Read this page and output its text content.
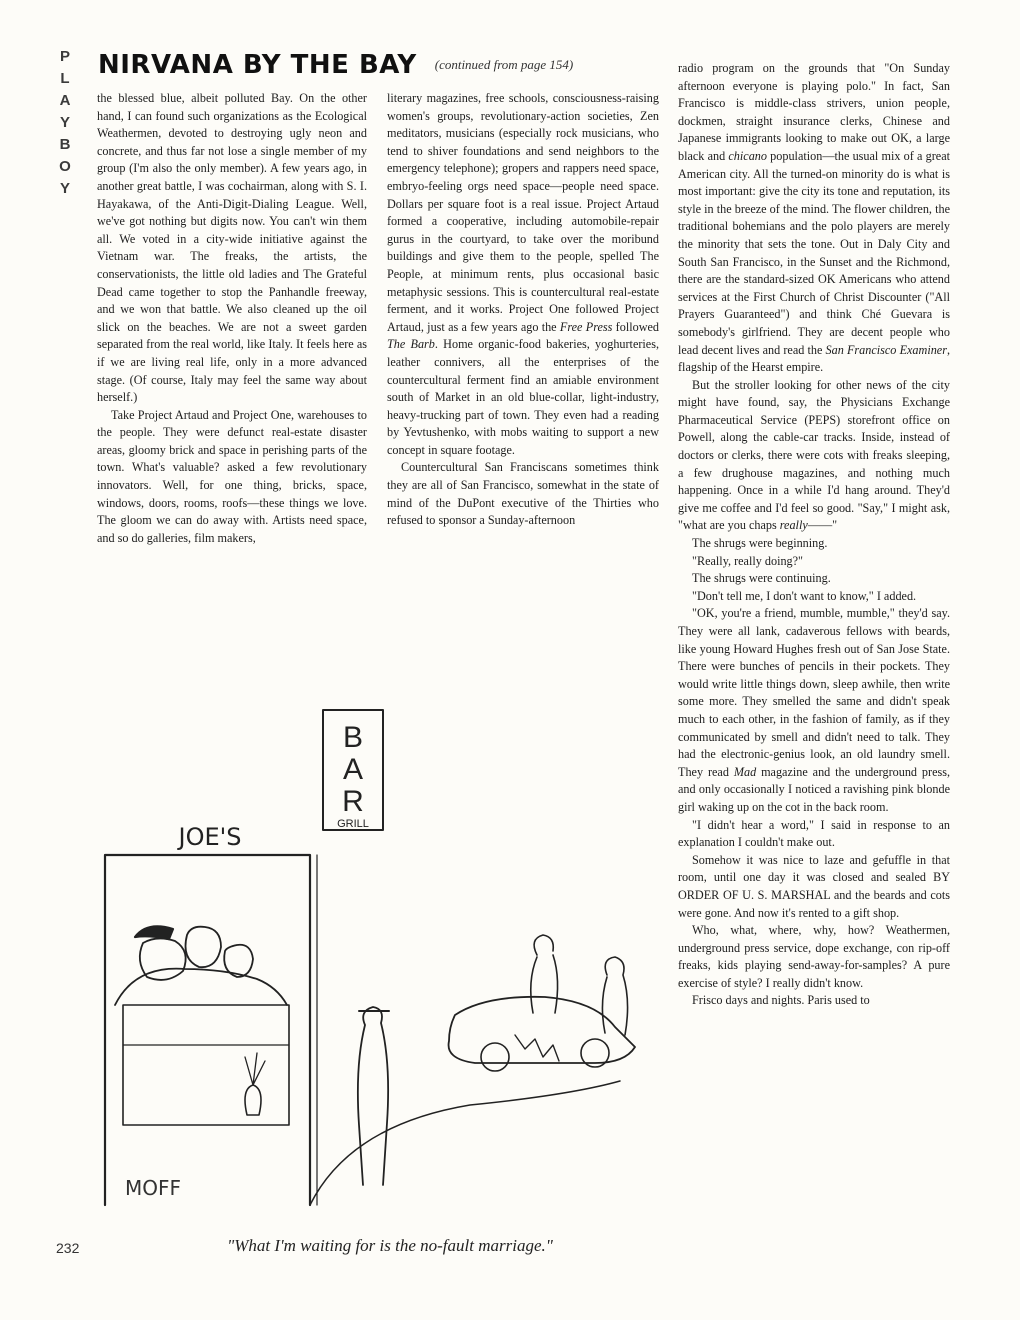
P
L
A
Y
B
O
Y
NIRVANA BY THE BAY (continued from page 154)

the blessed blue, albeit polluted Bay. On the other hand, I can found such organizations as the Ecological Weathermen, devoted to destroying ugly neon and concrete, and thus far not lose a single member of my group (I'm also the only member). A few years ago, in another great battle, I was cochairman, along with S. I. Hayakawa, of the Anti-Digit-Dialing League. Well, we've got nothing but digits now. You can't win them all. We voted in a city-wide initiative against the Vietnam war. The freaks, the artists, the conservationists, the little old ladies and The Grateful Dead came together to stop the Panhandle freeway, and we won that battle. We also cleaned up the oil slick on the beaches. We are not a sweet garden separated from the real world, like Italy. It feels here as if we are living real life, only in a more advanced stage. (Of course, Italy may feel the same way about herself.)

Take Project Artaud and Project One, warehouses to the people. They were defunct real-estate disaster areas, gloomy brick and space in perishing parts of the town. What's valuable? asked a few revolutionary innovators. Well, for one thing, bricks, space, windows, doors, rooms, roofs—these things we love. The gloom we can do away with. Artists need space, and so do galleries, film makers,

literary magazines, free schools, consciousness-raising women's groups, revolutionary-action societies, Zen meditators, musicians (especially rock musicians, who tend to shiver foundations and send neighbors to the emergency telephone); gropers and rappers need space, embryo-feeling orgs need space—people need space. Dollars per square foot is a real issue. Project Artaud formed a cooperative, including automobile-repair gurus in the courtyard, to take over the moribund buildings and give them to the people, spelled The People, at minimum rents, plus occasional basic metaphysic sessions. This is countercultural real-estate ferment, and it works. Project One followed Project Artaud, just as a few years ago the Free Press followed The Barb. Home organic-food bakeries, yoghurteries, leather connivers, all the enterprises of the countercultural ferment find an amiable environment south of Market in an old blue-collar, light-industry, heavy-trucking part of town. They even had a reading by Yevtushenko, with mobs waiting to support a new concept in square footage.

Countercultural San Franciscans sometimes think they are all of San Francisco, somewhat in the state of mind of the DuPont executive of the Thirties who refused to sponsor a Sunday-afternoon

radio program on the grounds that "On Sunday afternoon everyone is playing polo." In fact, San Francisco is middle-class strivers, union people, dockmen, straight insurance clerks, Chinese and Japanese immigrants looking to make out OK, a large black and chicano population—the usual mix of a great American city. All the turned-on minority do is what is most important: give the city its tone and reputation, its style in the breeze of the mind. The flower children, the traditional bohemians and the polo players are merely the minority that sets the tone. Out in Daly City and South San Francisco, in the Sunset and the Richmond, there are the standard-sized OK Americans who attend services at the First Church of Christ Discounter ("All Prayers Guaranteed") and think Ché Guevara is somebody's girlfriend. They are decent people who lead decent lives and read the San Francisco Examiner, flagship of the Hearst empire.

But the stroller looking for other news of the city might have found, say, the Physicians Exchange Pharmaceutical Service (PEPS) storefront office on Powell, along the cable-car tracks. Inside, instead of doctors or clerks, there were cots with freaks sleeping, a few drughouse magazines, and nothing much happening. Once in a while I'd hang around. They'd give me coffee and I'd feel so good. "Say," I might ask, "what are you chaps really——"

The shrugs were beginning.

"Really, really doing?"

The shrugs were continuing.

"Don't tell me, I don't want to know," I added.

"OK, you're a friend, mumble, mumble," they'd say. They were all lank, cadaverous fellows with beards, like young Howard Hughes fresh out of San Jose State. There were bunches of pencils in their pockets. They would write little things down, sleep awhile, then write some more. They smelled the same and didn't speak much to each other, in the fashion of family, as if they communicated by smell and didn't need to talk. They had the electronic-genius look, an old laundry smell. They read Mad magazine and the underground press, and only occasionally I noticed a ravishing pink blonde girl waking up on the cot in the back room.

"I didn't hear a word," I said in response to an explanation I couldn't make out.

Somehow it was nice to laze and gefuffle in that room, until one day it was closed and sealed BY ORDER OF U. S. MARSHAL and the beards and cots were gone. And now it's rented to a gift shop.

Who, what, where, why, how? Weathermen, underground press service, dope exchange, con rip-off freaks, kids playing send-away-for-samples? A pure exercise of style? I really didn't know.

Frisco days and nights. Paris used to

B
A
R
GRILL
JOE'S
MOFF
232	"What I'm waiting for is the no-fault marriage."
